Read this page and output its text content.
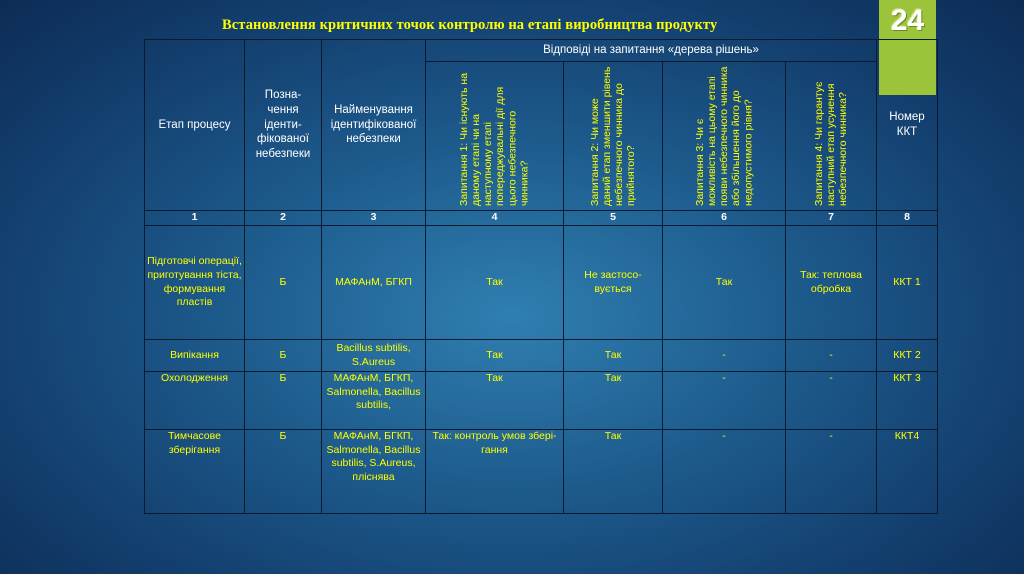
Встановлення критичних точок контролю на етапі виробництва продукту	24
Етап процесу	Позна-
чення
іденти-
фікованої
небезпеки	Найменування
ідентифікованої
небезпеки	Відповіді на запитання «дерева рішень»				Номер ККТ

			Запитання 1: Чи існують на даному етапі чи на наступному етапі попереджувальні дії для цього небезпечного чинника?	Запитання 2: Чи може даний етап зменшити рівень небезпечного чинника до прийнятого?	Запитання 3: Чи є можливість на цьому етапі появи небезпечного чинника або збільшення його до недопустимого рівня?	Запитання 4: Чи гарантує наступний етап усунення небезпечного чинника?	

1	2	3	4	5	6	7	8
Підготовчі операції, приготування тіста, формування пластів	Б	МАФАнМ, БГКП	Так	Не застосо-вується	Так	Так: теплова обробка	ККТ 1
Випікання	Б	Bacillus subtilis, S.Aureus	Так	Так	-	-	ККТ 2
Охолодження	Б	МАФАнМ, БГКП, Salmonella, Bacillus subtilis,	Так	Так	-	-	ККТ 3
Тимчасове зберігання	Б	МАФАнМ, БГКП, Salmonella, Bacillus subtilis, S.Aureus, пліснява	Так: контроль умов збері-гання	Так	-	-	ККТ4
